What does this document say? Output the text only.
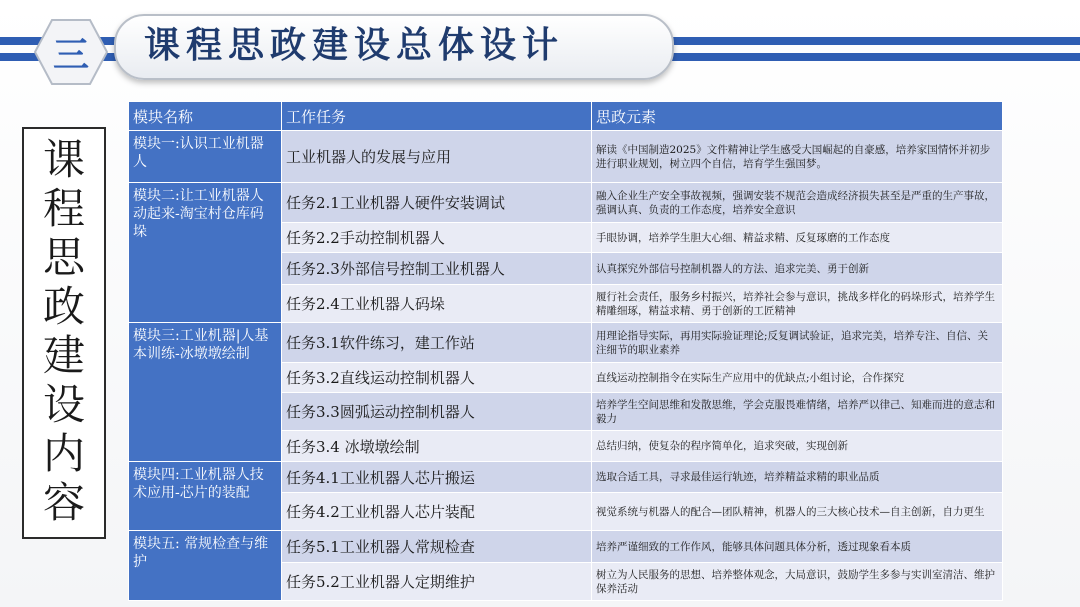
三	课程思政建设总体设计
课
程
思
政
建
设
内
容
模块名称	工作任务	思政元素
模块一:认识工业机器人	工业机器人的发展与应用	解读《中国制造2025》文件精神让学生感受大国崛起的自豪感，培养家国情怀并初步进行职业规划，树立四个自信，培育学生强国梦。
模块二:让工业机器人动起来-淘宝村仓库码垛	任务2.1工业机器人硬件安装调试	融入企业生产安全事故视频，强调安装不规范会造成经济损失甚至是严重的生产事故，强调认真、负责的工作态度，培养安全意识
	任务2.2手动控制机器人	手眼协调，培养学生胆大心细、精益求精、反复琢磨的工作态度
	任务2.3外部信号控制工业机器人	认真探究外部信号控制机器人的方法、追求完美、勇于创新
	任务2.4工业机器人码垛	履行社会责任，服务乡村振兴，培养社会参与意识，挑战多样化的码垛形式，培养学生精雕细琢，精益求精、勇于创新的工匠精神
模块三:工业机器|人基本训练-冰墩墩绘制	任务3.1软件练习，建工作站	用理论指导实际，再用实际验证理论;反复调试验证，追求完美，培养专注、自信、关注细节的职业素养
	任务3.2直线运动控制机器人	直线运动控制指令在实际生产应用中的优缺点;小组讨论，合作探究
	任务3.3圆弧运动控制机器人	培养学生空间思维和发散思维，学会克服畏难情绪，培养严以律己、知难而进的意志和毅力
	任务3.4 冰墩墩绘制	总结归纳，使复杂的程序简单化，追求突破，实现创新
模块四:工业机器人技术应用-芯片的装配	任务4.1工业机器人芯片搬运	选取合适工具，寻求最佳运行轨迹，培养精益求精的职业品质
	任务4.2工业机器人芯片装配	视觉系统与机器人的配合—团队精神，机器人的三大核心技术—自主创新，自力更生
模块五: 常规检查与维护	任务5.1工业机器人常规检查	培养严谨细致的工作作风，能够具体问题具体分析，透过现象看本质
	任务5.2工业机器人定期维护	树立为人民服务的思想、培养整体观念，大局意识，鼓励学生多参与实训室清洁、维护保养活动
